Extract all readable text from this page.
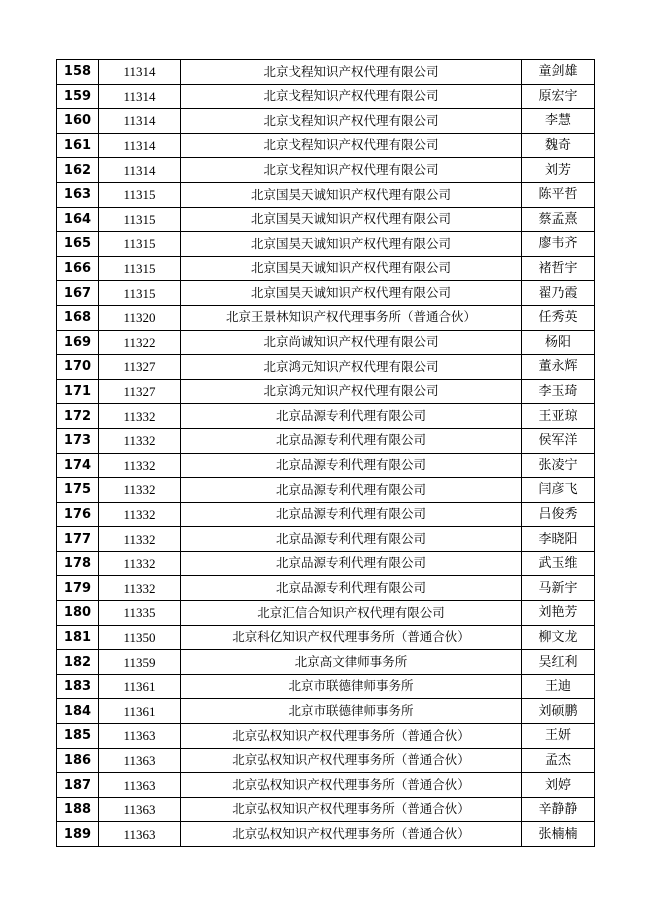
158	11314	北京戈程知识产权代理有限公司	童剑雄
159	11314	北京戈程知识产权代理有限公司	原宏宇
160	11314	北京戈程知识产权代理有限公司	李慧
161	11314	北京戈程知识产权代理有限公司	魏奇
162	11314	北京戈程知识产权代理有限公司	刘芳
163	11315	北京国昊天诚知识产权代理有限公司	陈平哲
164	11315	北京国昊天诚知识产权代理有限公司	蔡孟熹
165	11315	北京国昊天诚知识产权代理有限公司	廖韦齐
166	11315	北京国昊天诚知识产权代理有限公司	褚哲宇
167	11315	北京国昊天诚知识产权代理有限公司	翟乃霞
168	11320	北京王景林知识产权代理事务所（普通合伙）	任秀英
169	11322	北京尚诚知识产权代理有限公司	杨阳
170	11327	北京鸿元知识产权代理有限公司	董永辉
171	11327	北京鸿元知识产权代理有限公司	李玉琦
172	11332	北京品源专利代理有限公司	王亚琼
173	11332	北京品源专利代理有限公司	侯军洋
174	11332	北京品源专利代理有限公司	张凌宁
175	11332	北京品源专利代理有限公司	闫彦飞
176	11332	北京品源专利代理有限公司	吕俊秀
177	11332	北京品源专利代理有限公司	李晓阳
178	11332	北京品源专利代理有限公司	武玉维
179	11332	北京品源专利代理有限公司	马新宇
180	11335	北京汇信合知识产权代理有限公司	刘艳芳
181	11350	北京科亿知识产权代理事务所（普通合伙）	柳文龙
182	11359	北京高文律师事务所	吴红利
183	11361	北京市联德律师事务所	王迪
184	11361	北京市联德律师事务所	刘硕鹏
185	11363	北京弘权知识产权代理事务所（普通合伙）	王妍
186	11363	北京弘权知识产权代理事务所（普通合伙）	孟杰
187	11363	北京弘权知识产权代理事务所（普通合伙）	刘婷
188	11363	北京弘权知识产权代理事务所（普通合伙）	辛静静
189	11363	北京弘权知识产权代理事务所（普通合伙）	张楠楠
